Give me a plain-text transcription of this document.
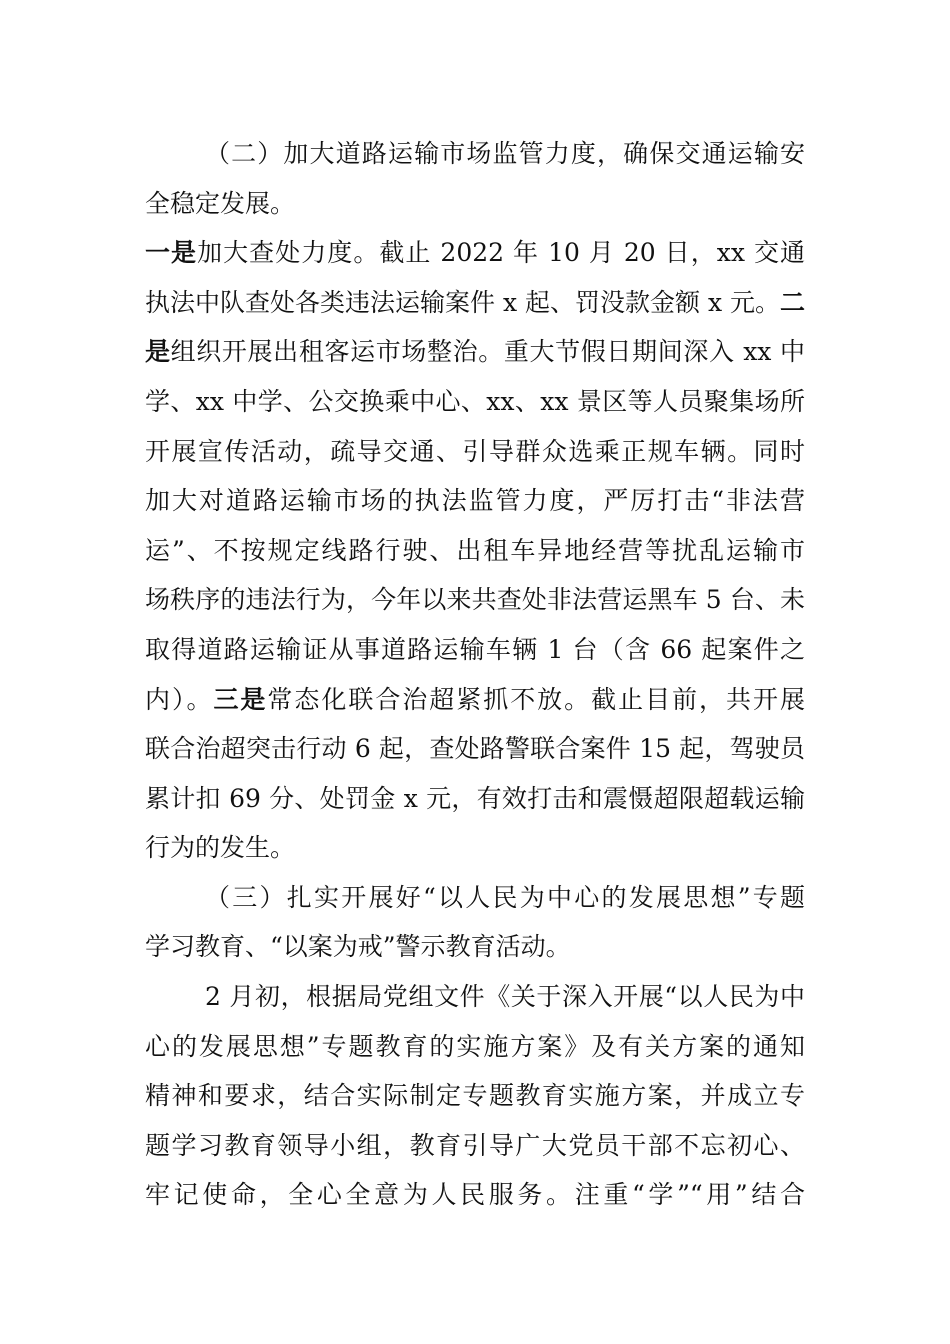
（二）加大道路运输市场监管力度，确保交通运输安
全稳定发展。
一是加大查处力度。截止 2022 年 10 月 20 日，xx 交通
执法中队查处各类违法运输案件 x 起、罚没款金额 x 元。二
是组织开展出租客运市场整治。重大节假日期间深入 xx 中
学、xx 中学、公交换乘中心、xx、xx 景区等人员聚集场所
开展宣传活动，疏导交通、引导群众选乘正规车辆。同时
加大对道路运输市场的执法监管力度，严厉打击“非法营
运”、不按规定线路行驶、出租车异地经营等扰乱运输市
场秩序的违法行为，今年以来共查处非法营运黑车 5 台、未
取得道路运输证从事道路运输车辆 1 台（含 66 起案件之
内）。三是常态化联合治超紧抓不放。截止目前，共开展
联合治超突击行动 6 起，查处路警联合案件 15 起，驾驶员
累计扣 69 分、处罚金 x 元，有效打击和震慑超限超载运输
行为的发生。
（三）扎实开展好“以人民为中心的发展思想”专题
学习教育、“以案为戒”警示教育活动。
2 月初，根据局党组文件《关于深入开展“以人民为中
心的发展思想”专题教育的实施方案》及有关方案的通知
精神和要求，结合实际制定专题教育实施方案，并成立专
题学习教育领导小组，教育引导广大党员干部不忘初心、
牢记使命，全心全意为人民服务。注重“学”“用”结合
